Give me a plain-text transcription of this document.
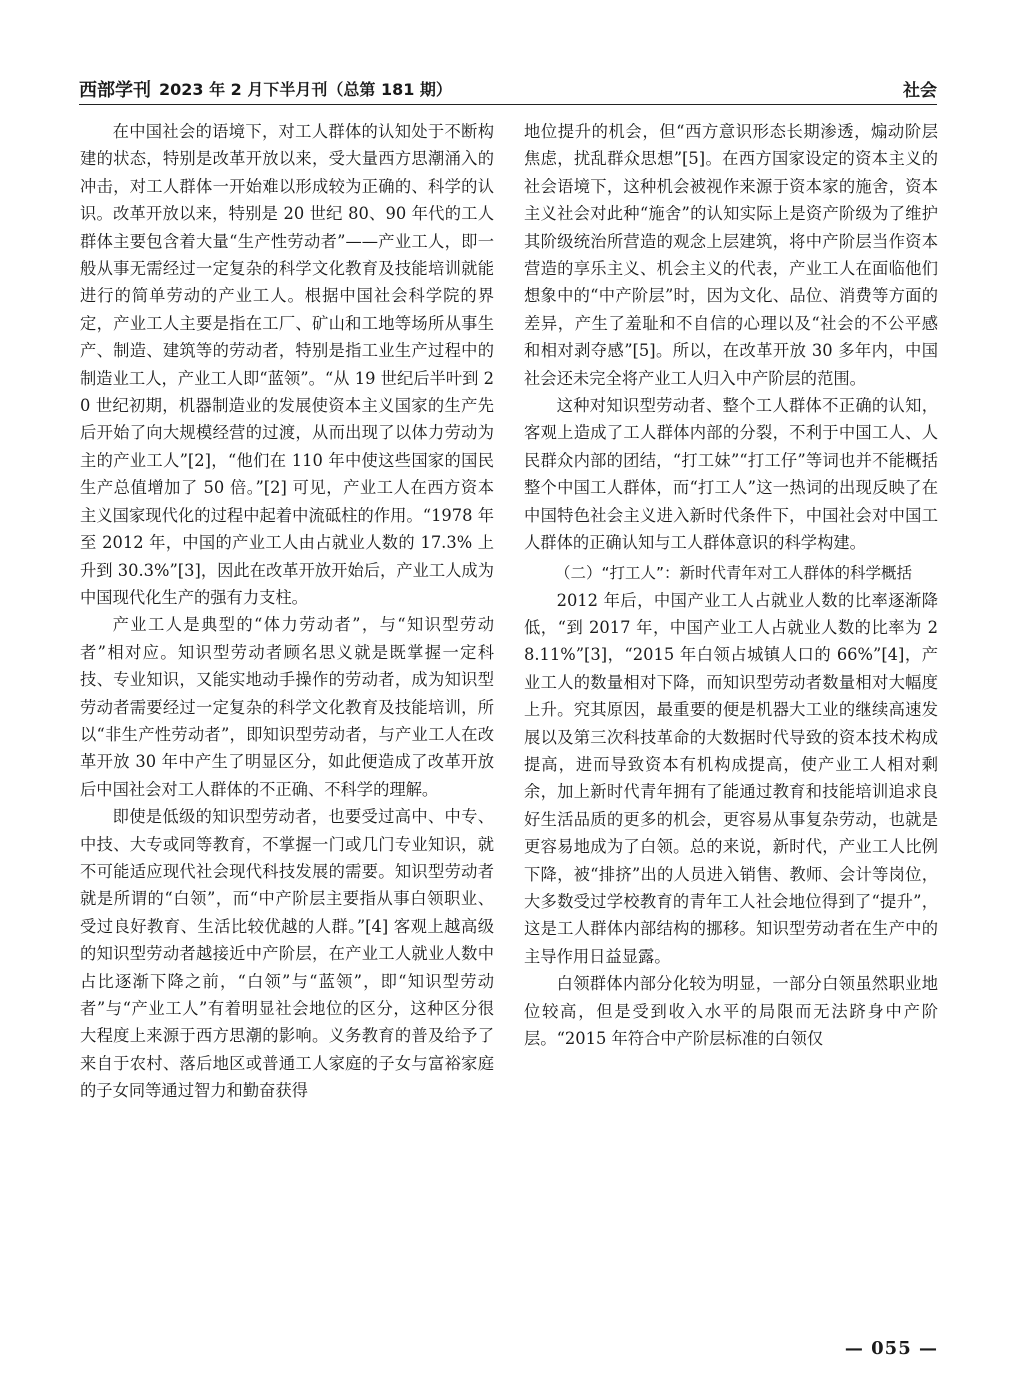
西部学刊 2023 年 2 月下半月刊（总第 181 期）	社会

在中国社会的语境下，对工人群体的认知处于不断构建的状态，特别是改革开放以来，受大量西方思潮涌入的冲击，对工人群体一开始难以形成较为正确的、科学的认识。改革开放以来，特别是 20 世纪 80、90 年代的工人群体主要包含着大量“生产性劳动者”——产业工人，即一般从事无需经过一定复杂的科学文化教育及技能培训就能进行的简单劳动的产业工人。根据中国社会科学院的界定，产业工人主要是指在工厂、矿山和工地等场所从事生产、制造、建筑等的劳动者，特别是指工业生产过程中的制造业工人，产业工人即“蓝领”。“从 19 世纪后半叶到 20 世纪初期，机器制造业的发展使资本主义国家的生产先后开始了向大规模经营的过渡，从而出现了以体力劳动为主的产业工人”[2]，“他们在 110 年中使这些国家的国民生产总值增加了 50 倍。”[2] 可见，产业工人在西方资本主义国家现代化的过程中起着中流砥柱的作用。“1978 年至 2012 年，中国的产业工人由占就业人数的 17.3% 上升到 30.3%”[3]，因此在改革开放开始后，产业工人成为中国现代化生产的强有力支柱。

产业工人是典型的“体力劳动者”，与“知识型劳动者”相对应。知识型劳动者顾名思义就是既掌握一定科技、专业知识，又能实地动手操作的劳动者，成为知识型劳动者需要经过一定复杂的科学文化教育及技能培训，所以“非生产性劳动者”，即知识型劳动者，与产业工人在改革开放 30 年中产生了明显区分，如此便造成了改革开放后中国社会对工人群体的不正确、不科学的理解。

即使是低级的知识型劳动者，也要受过高中、中专、中技、大专或同等教育，不掌握一门或几门专业知识，就不可能适应现代社会现代科技发展的需要。知识型劳动者就是所谓的“白领”，而“中产阶层主要指从事白领职业、受过良好教育、生活比较优越的人群。”[4] 客观上越高级的知识型劳动者越接近中产阶层，在产业工人就业人数中占比逐渐下降之前，“白领”与“蓝领”，即“知识型劳动者”与“产业工人”有着明显社会地位的区分，这种区分很大程度上来源于西方思潮的影响。义务教育的普及给予了来自于农村、落后地区或普通工人家庭的子女与富裕家庭的子女同等通过智力和勤奋获得

地位提升的机会，但“西方意识形态长期渗透，煽动阶层焦虑，扰乱群众思想”[5]。在西方国家设定的资本主义的社会语境下，这种机会被视作来源于资本家的施舍，资本主义社会对此种“施舍”的认知实际上是资产阶级为了维护其阶级统治所营造的观念上层建筑，将中产阶层当作资本营造的享乐主义、机会主义的代表，产业工人在面临他们想象中的“中产阶层”时，因为文化、品位、消费等方面的差异，产生了羞耻和不自信的心理以及“社会的不公平感和相对剥夺感”[5]。所以，在改革开放 30 多年内，中国社会还未完全将产业工人归入中产阶层的范围。

这种对知识型劳动者、整个工人群体不正确的认知，客观上造成了工人群体内部的分裂，不利于中国工人、人民群众内部的团结，“打工妹”“打工仔”等词也并不能概括整个中国工人群体，而“打工人”这一热词的出现反映了在中国特色社会主义进入新时代条件下，中国社会对中国工人群体的正确认知与工人群体意识的科学构建。

（二）“打工人”：新时代青年对工人群体的科学概括

2012 年后，中国产业工人占就业人数的比率逐渐降低，“到 2017 年，中国产业工人占就业人数的比率为 28.11%”[3]，“2015 年白领占城镇人口的 66%”[4]，产业工人的数量相对下降，而知识型劳动者数量相对大幅度上升。究其原因，最重要的便是机器大工业的继续高速发展以及第三次科技革命的大数据时代导致的资本技术构成提高，进而导致资本有机构成提高，使产业工人相对剩余，加上新时代青年拥有了能通过教育和技能培训追求良好生活品质的更多的机会，更容易从事复杂劳动，也就是更容易地成为了白领。总的来说，新时代，产业工人比例下降，被“排挤”出的人员进入销售、教师、会计等岗位，大多数受过学校教育的青年工人社会地位得到了“提升”，这是工人群体内部结构的挪移。知识型劳动者在生产中的主导作用日益显露。

白领群体内部分化较为明显，一部分白领虽然职业地位较高，但是受到收入水平的局限而无法跻身中产阶层。“2015 年符合中产阶层标准的白领仅

— 055 —
